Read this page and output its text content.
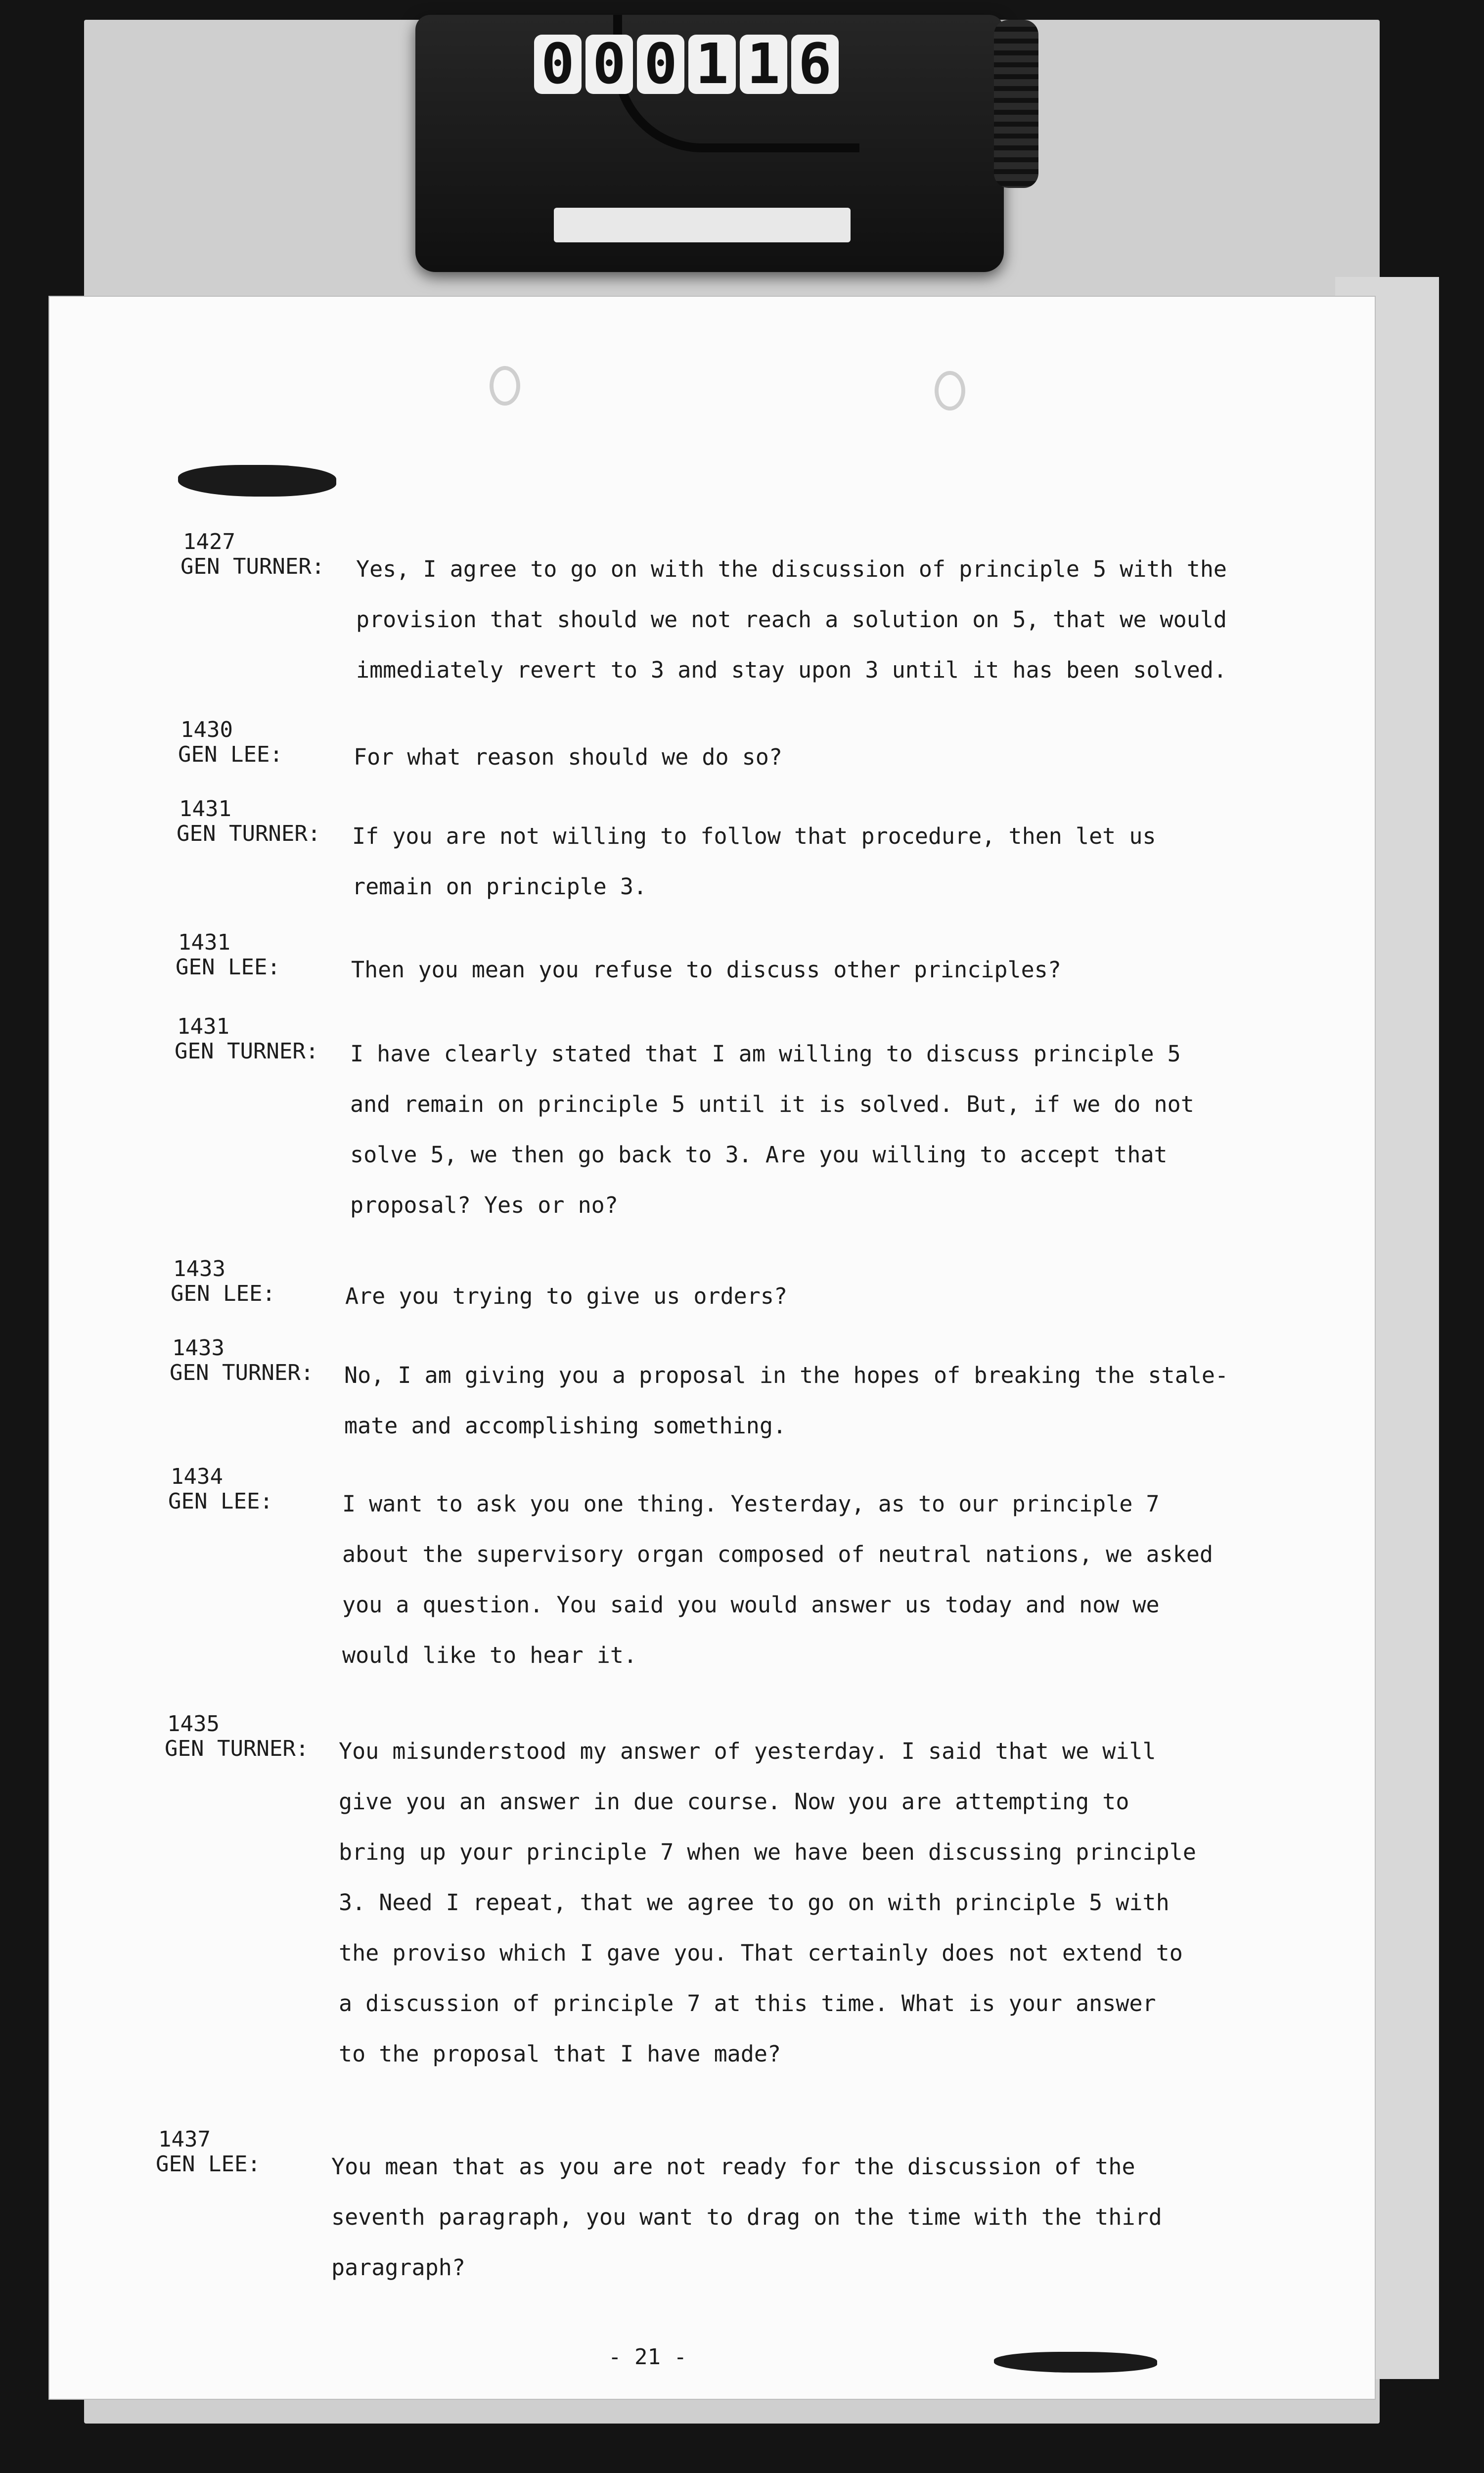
0 0 0 1 1 6
1427
GEN TURNER: Yes, I agree to go on with the discussion of principle 5 with the
provision that should we not reach a solution on 5, that we would
immediately revert to 3 and stay upon 3 until it has been solved.
1430
GEN LEE:	For what reason should we do so?
1431
GEN TURNER: If you are not willing to follow that procedure, then let us
remain on principle 3.
1431
GEN LEE:	Then you mean you refuse to discuss other principles?
1431
GEN TURNER: I have clearly stated that I am willing to discuss principle 5
and remain on principle 5 until it is solved. But, if we do not
solve 5, we then go back to 3. Are you willing to accept that
proposal? Yes or no?
1433
GEN LEE:	Are you trying to give us orders?
1433
GEN TURNER: No, I am giving you a proposal in the hopes of breaking the stale-
mate and accomplishing something.
1434
GEN LEE:	I want to ask you one thing. Yesterday, as to our principle 7
about the supervisory organ composed of neutral nations, we asked
you a question. You said you would answer us today and now we
would like to hear it.
1435
GEN TURNER: You misunderstood my answer of yesterday. I said that we will
give you an answer in due course. Now you are attempting to
bring up your principle 7 when we have been discussing principle
3. Need I repeat, that we agree to go on with principle 5 with
the proviso which I gave you. That certainly does not extend to
a discussion of principle 7 at this time. What is your answer
to the proposal that I have made?
1437
GEN LEE:	You mean that as you are not ready for the discussion of the
seventh paragraph, you want to drag on the time with the third
paragraph?
- 21 -
